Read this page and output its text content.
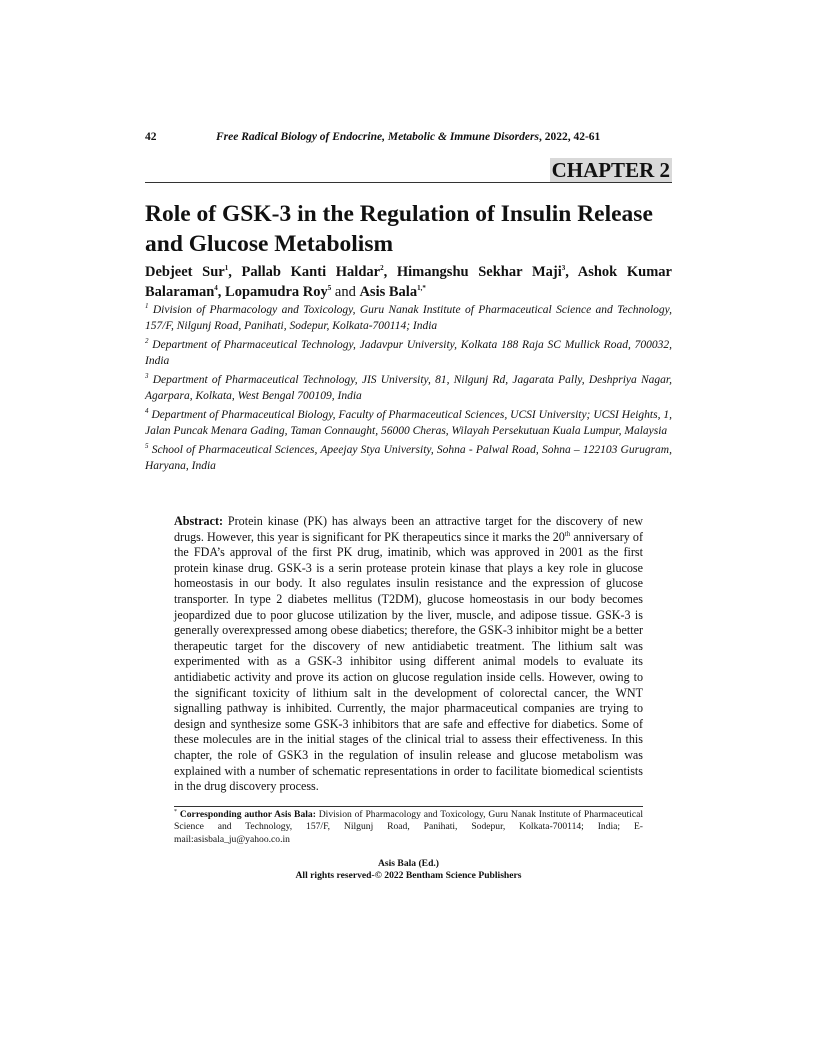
42	Free Radical Biology of Endocrine, Metabolic & Immune Disorders, 2022, 42-61
CHAPTER 2
Role of GSK-3 in the Regulation of Insulin Release and Glucose Metabolism
Debjeet Sur$^1$, Pallab Kanti Haldar$^2$, Himangshu Sekhar Maji$^3$, Ashok Kumar Balaraman$^4$, Lopamudra Roy$^5$ and Asis Bala$^{1,*}$
$^1$ Division of Pharmacology and Toxicology, Guru Nanak Institute of Pharmaceutical Science and Technology, 157/F, Nilgunj Road, Panihati, Sodepur, Kolkata-700114; India
$^2$ Department of Pharmaceutical Technology, Jadavpur University, Kolkata 188 Raja SC Mullick Road, 700032, India
$^3$ Department of Pharmaceutical Technology, JIS University, 81, Nilgunj Rd, Jagarata Pally, Deshpriya Nagar, Agarpara, Kolkata, West Bengal 700109, India
$^4$ Department of Pharmaceutical Biology, Faculty of Pharmaceutical Sciences, UCSI University; UCSI Heights, 1, Jalan Puncak Menara Gading, Taman Connaught, 56000 Cheras, Wilayah Persekutuan Kuala Lumpur, Malaysia
$^5$ School of Pharmaceutical Sciences, Apeejay Stya University, Sohna - Palwal Road, Sohna – 122103 Gurugram, Haryana, India
Abstract: Protein kinase (PK) has always been an attractive target for the discovery of new drugs. However, this year is significant for PK therapeutics since it marks the 20th anniversary of the FDA’s approval of the first PK drug, imatinib, which was approved in 2001 as the first protein kinase drug. GSK-3 is a serin protease protein kinase that plays a key role in glucose homeostasis in our body. It also regulates insulin resistance and the expression of glucose transporter. In type 2 diabetes mellitus (T2DM), glucose homeostasis in our body becomes jeopardized due to poor glucose utilization by the liver, muscle, and adipose tissue. GSK-3 is generally overexpressed among obese diabetics; therefore, the GSK-3 inhibitor might be a better therapeutic target for the discovery of new antidiabetic treatment. The lithium salt was experimented with as a GSK-3 inhibitor using different animal models to evaluate its antidiabetic activity and prove its action on glucose regulation inside cells. However, owing to the significant toxicity of lithium salt in the development of colorectal cancer, the WNT signalling pathway is inhibited. Currently, the major pharmaceutical companies are trying to design and synthesize some GSK-3 inhibitors that are safe and effective for diabetics. Some of these molecules are in the initial stages of the clinical trial to assess their effectiveness. In this chapter, the role of GSK3 in the regulation of insulin release and glucose metabolism was explained with a number of schematic representations in order to facilitate biomedical scientists in the drug discovery process.
* Corresponding author Asis Bala: Division of Pharmacology and Toxicology, Guru Nanak Institute of Pharmaceutical Science and Technology, 157/F, Nilgunj Road, Panihati, Sodepur, Kolkata-700114; India; E-mail:asisbala_ju@yahoo.co.in
Asis Bala (Ed.)
All rights reserved-© 2022 Bentham Science Publishers
